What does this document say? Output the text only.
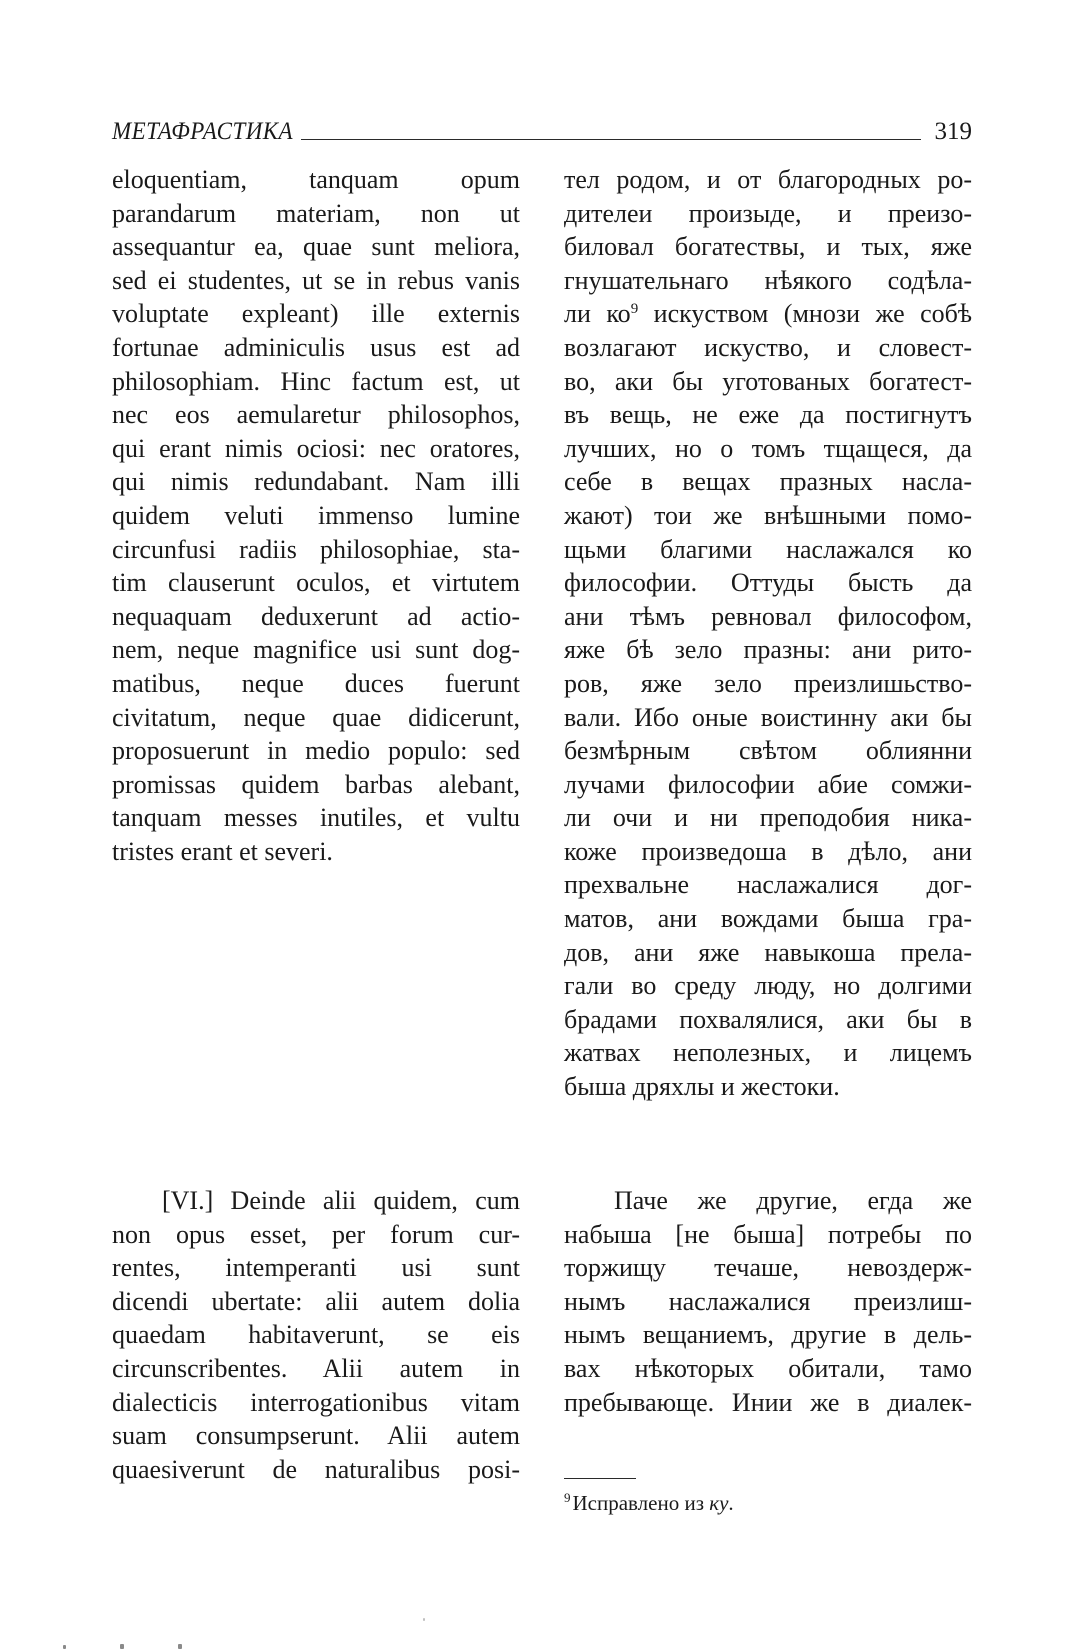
МЕТАФРАСТИКА	319
eloquentiam, tanquam opum
parandarum materiam, non ut
assequantur ea, quae sunt meliora,
sed ei studentes, ut se in rebus vanis
voluptate expleant) ille externis
fortunae adminiculis usus est ad
philosophiam. Hinc factum est, ut
nec eos aemularetur philosophos,
qui erant nimis ociosi: nec oratores,
qui nimis redundabant. Nam illi
quidem veluti immenso lumine
circunfusi radiis philosophiae, sta-
tim clauserunt oculos, et virtutem
nequaquam deduxerunt ad actio-
nem, neque magnifice usi sunt dog-
matibus, neque duces fuerunt
civitatum, neque quae didicerunt,
proposuerunt in medio populo: sed
promissas quidem barbas alebant,
tanquam messes inutiles, et vultu
tristes erant et severi.
тел родом, и от благородных ро-
дителеи произыде, и преизо-
биловал богатествы, и тых, яже
гнушательнаго нѣякого содѣла-
ли ко$^9$ искуством (мнози же собѣ
возлагают искуство, и словест-
во, аки бы уготованых богатест-
въ вещь, не еже да постигнутъ
лучших, но о томъ тщащеся, да
себе в вещах празных насла-
жают) тои же внѣшными помо-
щьми благими наслажался ко
философии. Оттуды бысть да
ани тѣмъ ревновал философом,
яже бѣ зело празны: ани рито-
ров, яже зело преизлишьство-
вали. Ибо оные воистинну аки бы
безмѣрным свѣтом облиянни
лучами философии абие сомжи-
ли очи и ни преподобия ника-
коже произведоша в дѣло, ани
прехвальне наслажалися дог-
матов, ани вождами быша гра-
дов, ани яже навыкоша прела-
гали во среду люду, но долгими
брадами похвалялися, аки бы в
жатвах неполезных, и лицемъ
быша дряхлы и жестоки.
[VI.] Deinde alii quidem, cum
non opus esset, per forum cur-
rentes, intemperanti usi sunt
dicendi ubertate: alii autem dolia
quaedam habitaverunt, se eis
circunscribentes. Alii autem in
dialecticis interrogationibus vitam
suam consumpserunt. Alii autem
quaesiverunt de naturalibus posi-
Паче же другие, егда же
набыша [не быша] потребы по
торжищу течаше, невоздерж-
нымъ наслажалися преизлиш-
нымъ вещаниемъ, другие в дель-
вах нѣкоторых обитали, тамо
пребывающе. Инии же в диалек-
$^9$Исправлено из ку.
